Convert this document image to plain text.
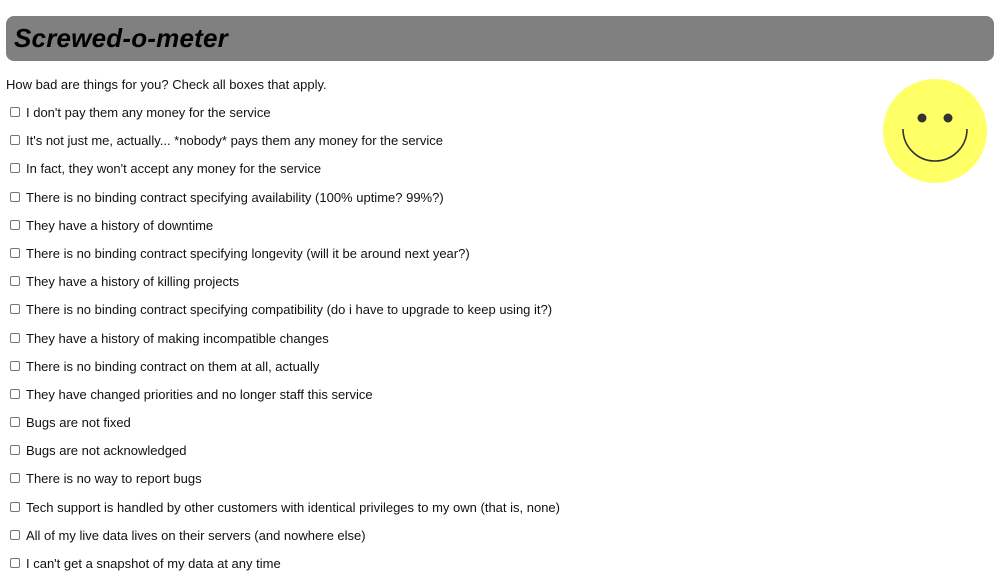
Screwed-o-meter
How bad are things for you? Check all boxes that apply.
I don't pay them any money for the service
It's not just me, actually... *nobody* pays them any money for the service
In fact, they won't accept any money for the service
There is no binding contract specifying availability (100% uptime? 99%?)
They have a history of downtime
There is no binding contract specifying longevity (will it be around next year?)
They have a history of killing projects
There is no binding contract specifying compatibility (do i have to upgrade to keep using it?)
They have a history of making incompatible changes
There is no binding contract on them at all, actually
They have changed priorities and no longer staff this service
Bugs are not fixed
Bugs are not acknowledged
There is no way to report bugs
Tech support is handled by other customers with identical privileges to my own (that is, none)
All of my live data lives on their servers (and nowhere else)
I can't get a snapshot of my data at any time
